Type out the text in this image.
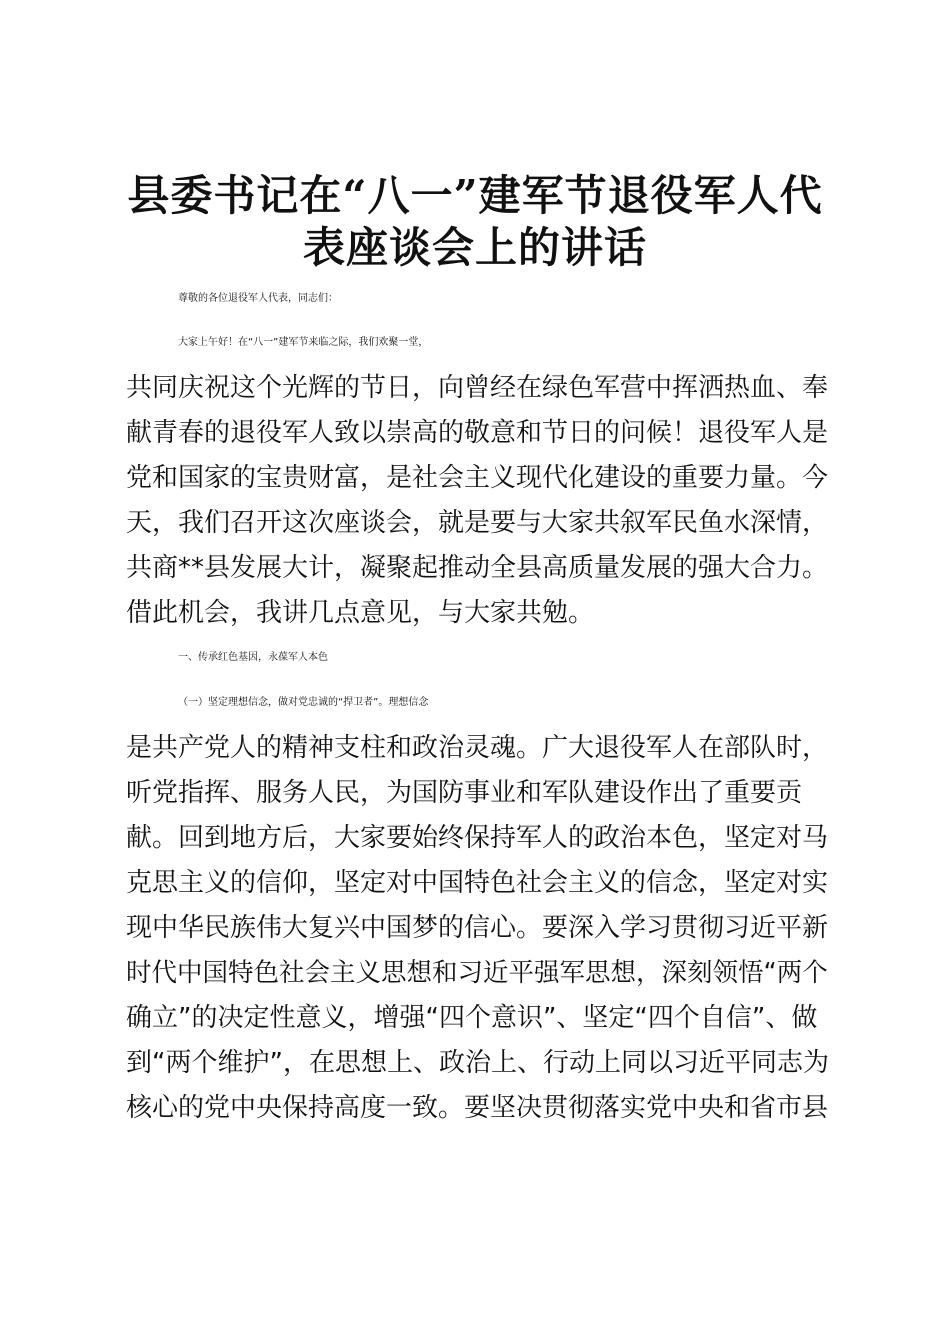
县委书记在“八一”建军节退役军人代
表座谈会上的讲话

尊敬的各位退役军人代表，同志们：

大家上午好！在“八一”建军节来临之际，我们欢聚一堂，

共同庆祝这个光辉的节日，向曾经在绿色军营中挥洒热血、奉

献青春的退役军人致以崇高的敬意和节日的问候！退役军人是

党和国家的宝贵财富，是社会主义现代化建设的重要力量。今

天，我们召开这次座谈会，就是要与大家共叙军民鱼水深情，

共商**县发展大计，凝聚起推动全县高质量发展的强大合力。

借此机会，我讲几点意见，与大家共勉。

一、传承红色基因，永葆军人本色

（一）坚定理想信念，做对党忠诚的“捍卫者”。理想信念

是共产党人的精神支柱和政治灵魂。广大退役军人在部队时，

听党指挥、服务人民，为国防事业和军队建设作出了重要贡

献。回到地方后，大家要始终保持军人的政治本色，坚定对马

克思主义的信仰，坚定对中国特色社会主义的信念，坚定对实

现中华民族伟大复兴中国梦的信心。要深入学习贯彻习近平新

时代中国特色社会主义思想和习近平强军思想，深刻领悟“两个

确立”的决定性意义，增强“四个意识”、坚定“四个自信”、做

到“两个维护”，在思想上、政治上、行动上同以习近平同志为

核心的党中央保持高度一致。要坚决贯彻落实党中央和省市县
